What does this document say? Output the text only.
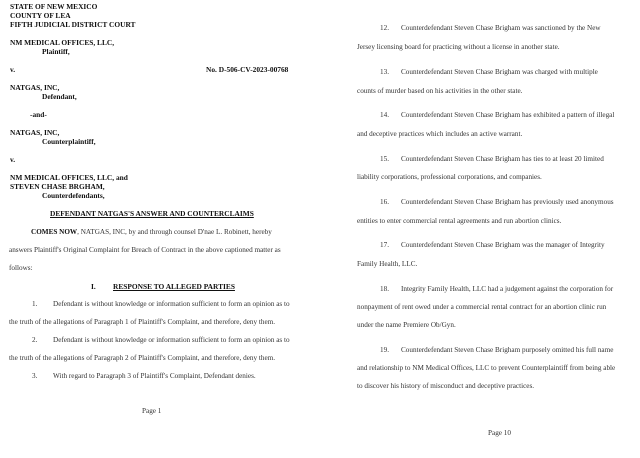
STATE OF NEW MEXICO
COUNTY OF LEA
FIFTH JUDICIAL DISTRICT COURT
NM MEDICAL OFFICES, LLC,
Plaintiff,
v.	No. D-506-CV-2023-00768
NATGAS, INC,
Defendant,
-and-
NATGAS, INC,
Counterplaintiff,
v.
NM MEDICAL OFFICES, LLC, and
STEVEN CHASE BRGHAM,
Counterdefendants,
DEFENDANT NATGAS'S ANSWER AND COUNTERCLAIMS
COMES NOW, NATGAS, INC, by and through counsel D'nae L. Robinett, hereby
answers Plaintiff's Original Complaint for Breach of Contract in the above captioned matter as
follows:
I. RESPONSE TO ALLEGED PARTIES
1. Defendant is without knowledge or information sufficient to form an opinion as to
the truth of the allegations of Paragraph 1 of Plaintiff's Complaint, and therefore, deny them.
2. Defendant is without knowledge or information sufficient to form an opinion as to
the truth of the allegations of Paragraph 2 of Plaintiff's Complaint, and therefore, deny them.
3. With regard to Paragraph 3 of Plaintiff's Complaint, Defendant denies.
Page 1
12. Counterdefendant Steven Chase Brigham was sanctioned by the New
Jersey licensing board for practicing without a license in another state.
13. Counterdefendant Steven Chase Brigham was charged with multiple
counts of murder based on his activities in the other state.
14. Counterdefendant Steven Chase Brigham has exhibited a pattern of illegal
and deceptive practices which includes an active warrant.
15. Counterdefendant Steven Chase Brigham has ties to at least 20 limited
liability corporations, professional corporations, and companies.
16. Counterdefendant Steven Chase Brigham has previously used anonymous
entities to enter commercial rental agreements and run abortion clinics.
17. Counterdefendant Steven Chase Brigham was the manager of Integrity
Family Health, LLC.
18. Integrity Family Health, LLC had a judgement against the corporation for
nonpayment of rent owed under a commercial rental contract for an abortion clinic run
under the name Premiere Ob/Gyn.
19. Counterdefendant Steven Chase Brigham purposely omitted his full name
and relationship to NM Medical Offices, LLC to prevent Counterplaintiff from being able
to discover his history of misconduct and deceptive practices.
Page 10
